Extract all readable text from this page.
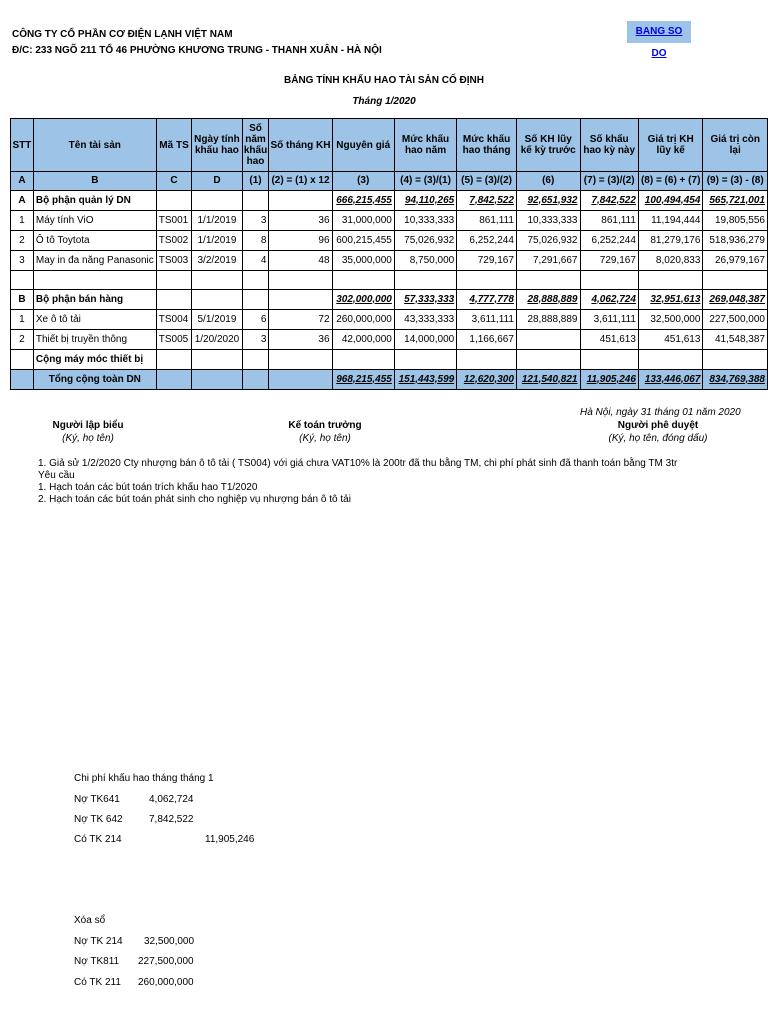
CÔNG TY CỔ PHẦN CƠ ĐIỆN LẠNH VIỆT NAM
Đ/C: 233 NGÕ 211 TỔ 46 PHƯỜNG KHƯƠNG TRUNG - THANH XUÂN - HÀ NỘI
BANG SO DO
BẢNG TÍNH KHẤU HAO TÀI SẢN CỐ ĐỊNH
Tháng 1/2020
STT	Tên tài sản	Mã TS	Ngày tính khấu hao	Số năm khấu hao	Số tháng KH	Nguyên giá	Mức khấu hao năm	Mức khấu hao tháng	Số KH lũy kế kỳ trước	Số khấu hao kỳ này	Giá trị KH lũy kế	Giá trị còn lại
A	B	C	D	(1)	(2) = (1) x 12	(3)	(4) = (3)/(1)	(5) = (3)/(2)	(6)	(7) = (3)/(2)	(8) = (6) + (7)	(9) = (3) - (8)
A	Bộ phận quản lý DN					666,215,455	94,110,265	7,842,522	92,651,932	7,842,522	100,494,454	565,721,001
1	Máy tính ViO	TS001	1/1/2019	3	36	31,000,000	10,333,333	861,111	10,333,333	861,111	11,194,444	19,805,556
2	Ô tô Toytota	TS002	1/1/2019	8	96	600,215,455	75,026,932	6,252,244	75,026,932	6,252,244	81,279,176	518,936,279
3	May in đa năng Panasonic	TS003	3/2/2019	4	48	35,000,000	8,750,000	729,167	7,291,667	729,167	8,020,833	26,979,167

B	Bộ phận bán hàng					302,000,000	57,333,333	4,777,778	28,888,889	4,062,724	32,951,613	269,048,387
1	Xe ô tô tải	TS004	5/1/2019	6	72	260,000,000	43,333,333	3,611,111	28,888,889	3,611,111	32,500,000	227,500,000
2	Thiết bị truyền thông	TS005	1/20/2020	3	36	42,000,000	14,000,000	1,166,667		451,613	451,613	41,548,387
	Cộng máy móc thiết bị											
	Tổng cộng toàn DN					968,215,455	151,443,599	12,620,300	121,540,821	11,905,246	133,446,067	834,769,388
Hà Nội, ngày 31 tháng 01 năm 2020
Người lập biểu
(Ký, họ tên)
Kế toán trưởng
(Ký, họ tên)
Người phê duyệt
(Ký, họ tên, đóng dấu)
1. Giả sử 1/2/2020 Cty nhượng bán ô tô tải ( TS004) với giá chưa VAT10% là 200tr đã thu bằng TM, chi phí phát sinh đã thanh toán bằng TM 3tr
Yêu cầu
1. Hạch toán các bút toán trích khấu hao T1/2020
2. Hạch toán các bút toán phát sinh cho nghiệp vụ nhượng bán ô tô tải
Chi phí khấu hao tháng tháng 1
Nợ TK641	4,062,724
Nợ TK 642	7,842,522
Có TK 214	11,905,246
Xóa sổ
Nợ TK 214 32,500,000
Nợ TK811 227,500,000
Có TK 211 260,000,000
